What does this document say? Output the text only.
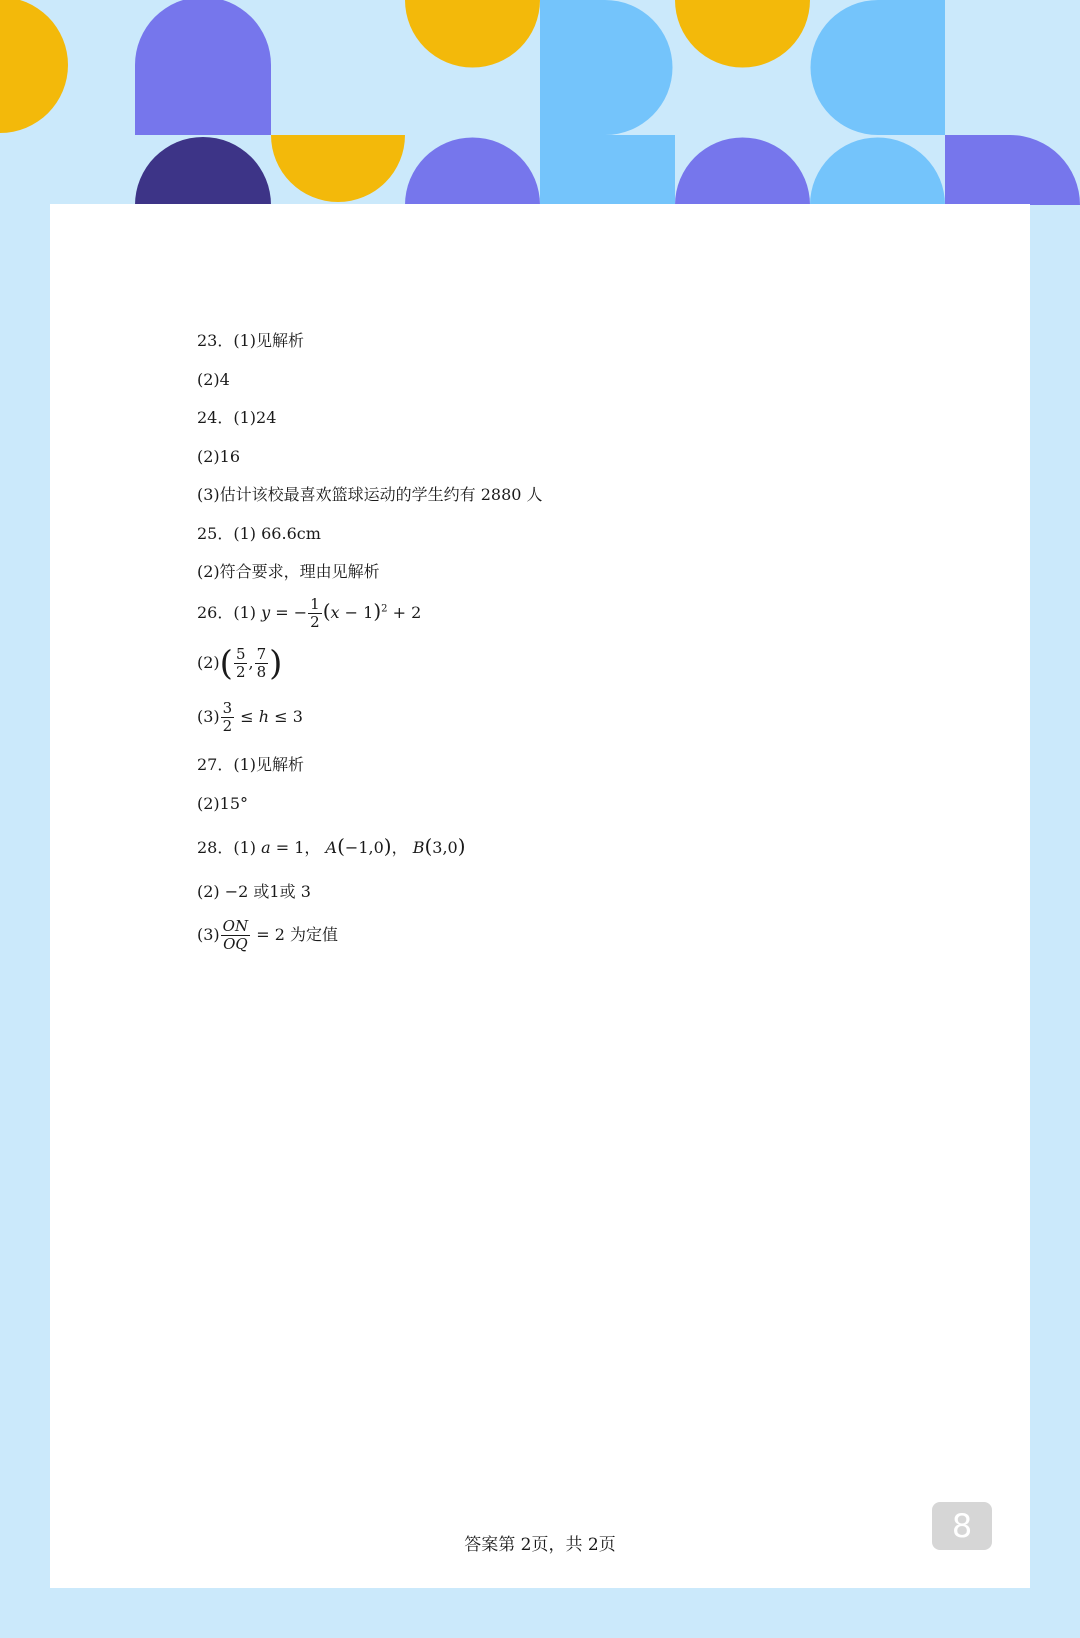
23．(1)见解析
(2)4
24．(1)24
(2)16
(3)估计该校最喜欢篮球运动的学生约有 2880 人
25．(1) 66.6cm
(2)符合要求，理由见解析
26．(1) y = − $\frac{1}{2} (x - 1)^2 + 2$
$(2)( \frac{5}{2}$ , $\frac{7}{8}$ )
$(3) \frac{3}{2} \le h \le 3$
27．(1)见解析
(2)15°
28．(1) a = 1， A(−1,0)， B(3,0)
(2) −2 或1或 3
$(3) \frac{ON}{OQ} = 2$ 为定值
答案第 2页，共 2页	8
